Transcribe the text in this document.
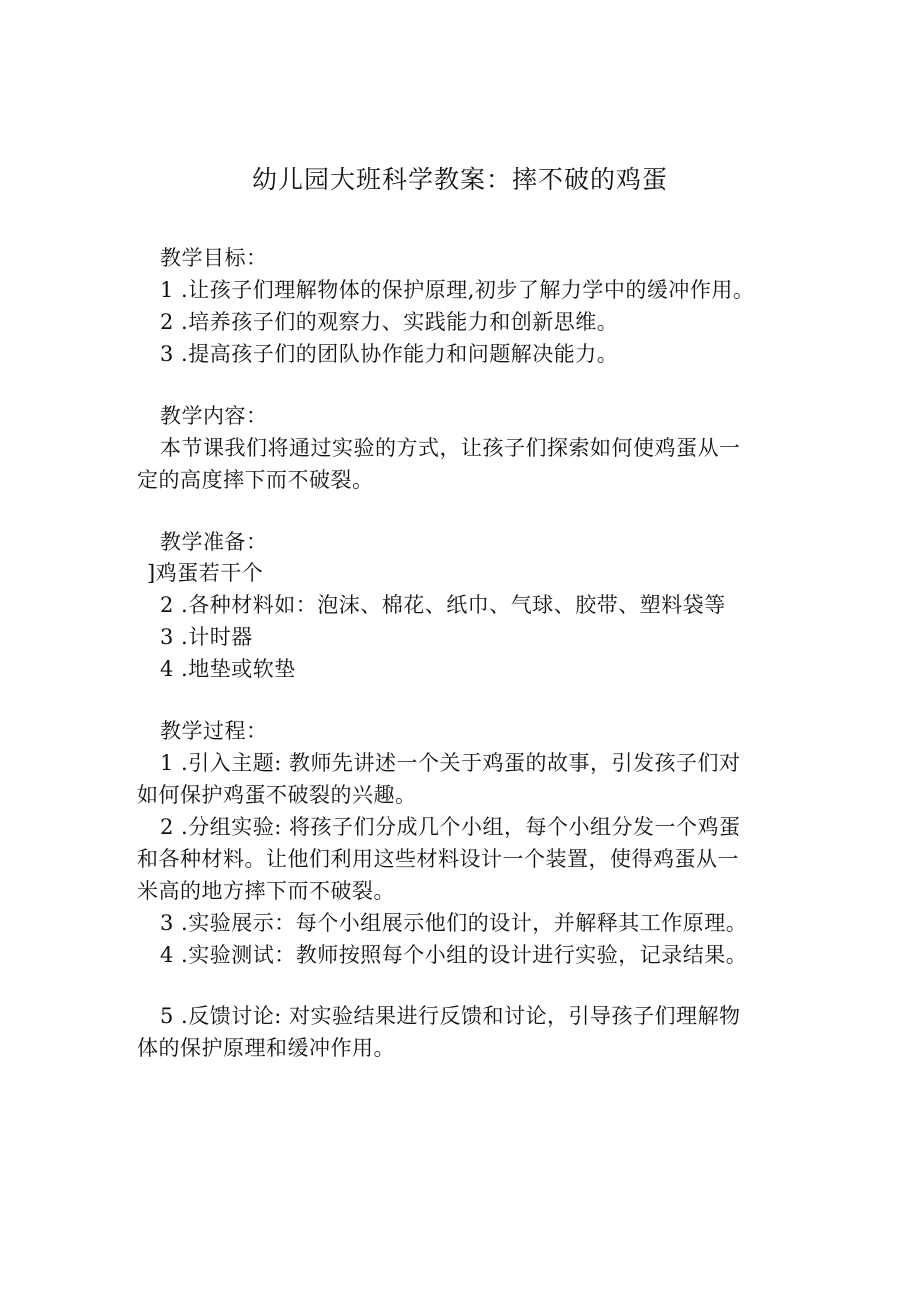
幼儿园大班科学教案：摔不破的鸡蛋
教学目标：
1 .让孩子们理解物体的保护原理,初步了解力学中的缓冲作用。
2 .培养孩子们的观察力、实践能力和创新思维。
3 .提高孩子们的团队协作能力和问题解决能力。
教学内容：
本节课我们将通过实验的方式，让孩子们探索如何使鸡蛋从一
定的高度摔下而不破裂。
教学准备：
]鸡蛋若干个
2 .各种材料如：泡沫、棉花、纸巾、气球、胶带、塑料袋等
3 .计时器
4 .地垫或软垫
教学过程：
1 .引入主题: 教师先讲述一个关于鸡蛋的故事，引发孩子们对
如何保护鸡蛋不破裂的兴趣。
2 .分组实验: 将孩子们分成几个小组，每个小组分发一个鸡蛋
和各种材料。让他们利用这些材料设计一个装置，使得鸡蛋从一
米高的地方摔下而不破裂。
3 .实验展示：每个小组展示他们的设计，并解释其工作原理。
4 .实验测试：教师按照每个小组的设计进行实验，记录结果。
5 .反馈讨论: 对实验结果进行反馈和讨论，引导孩子们理解物
体的保护原理和缓冲作用。
